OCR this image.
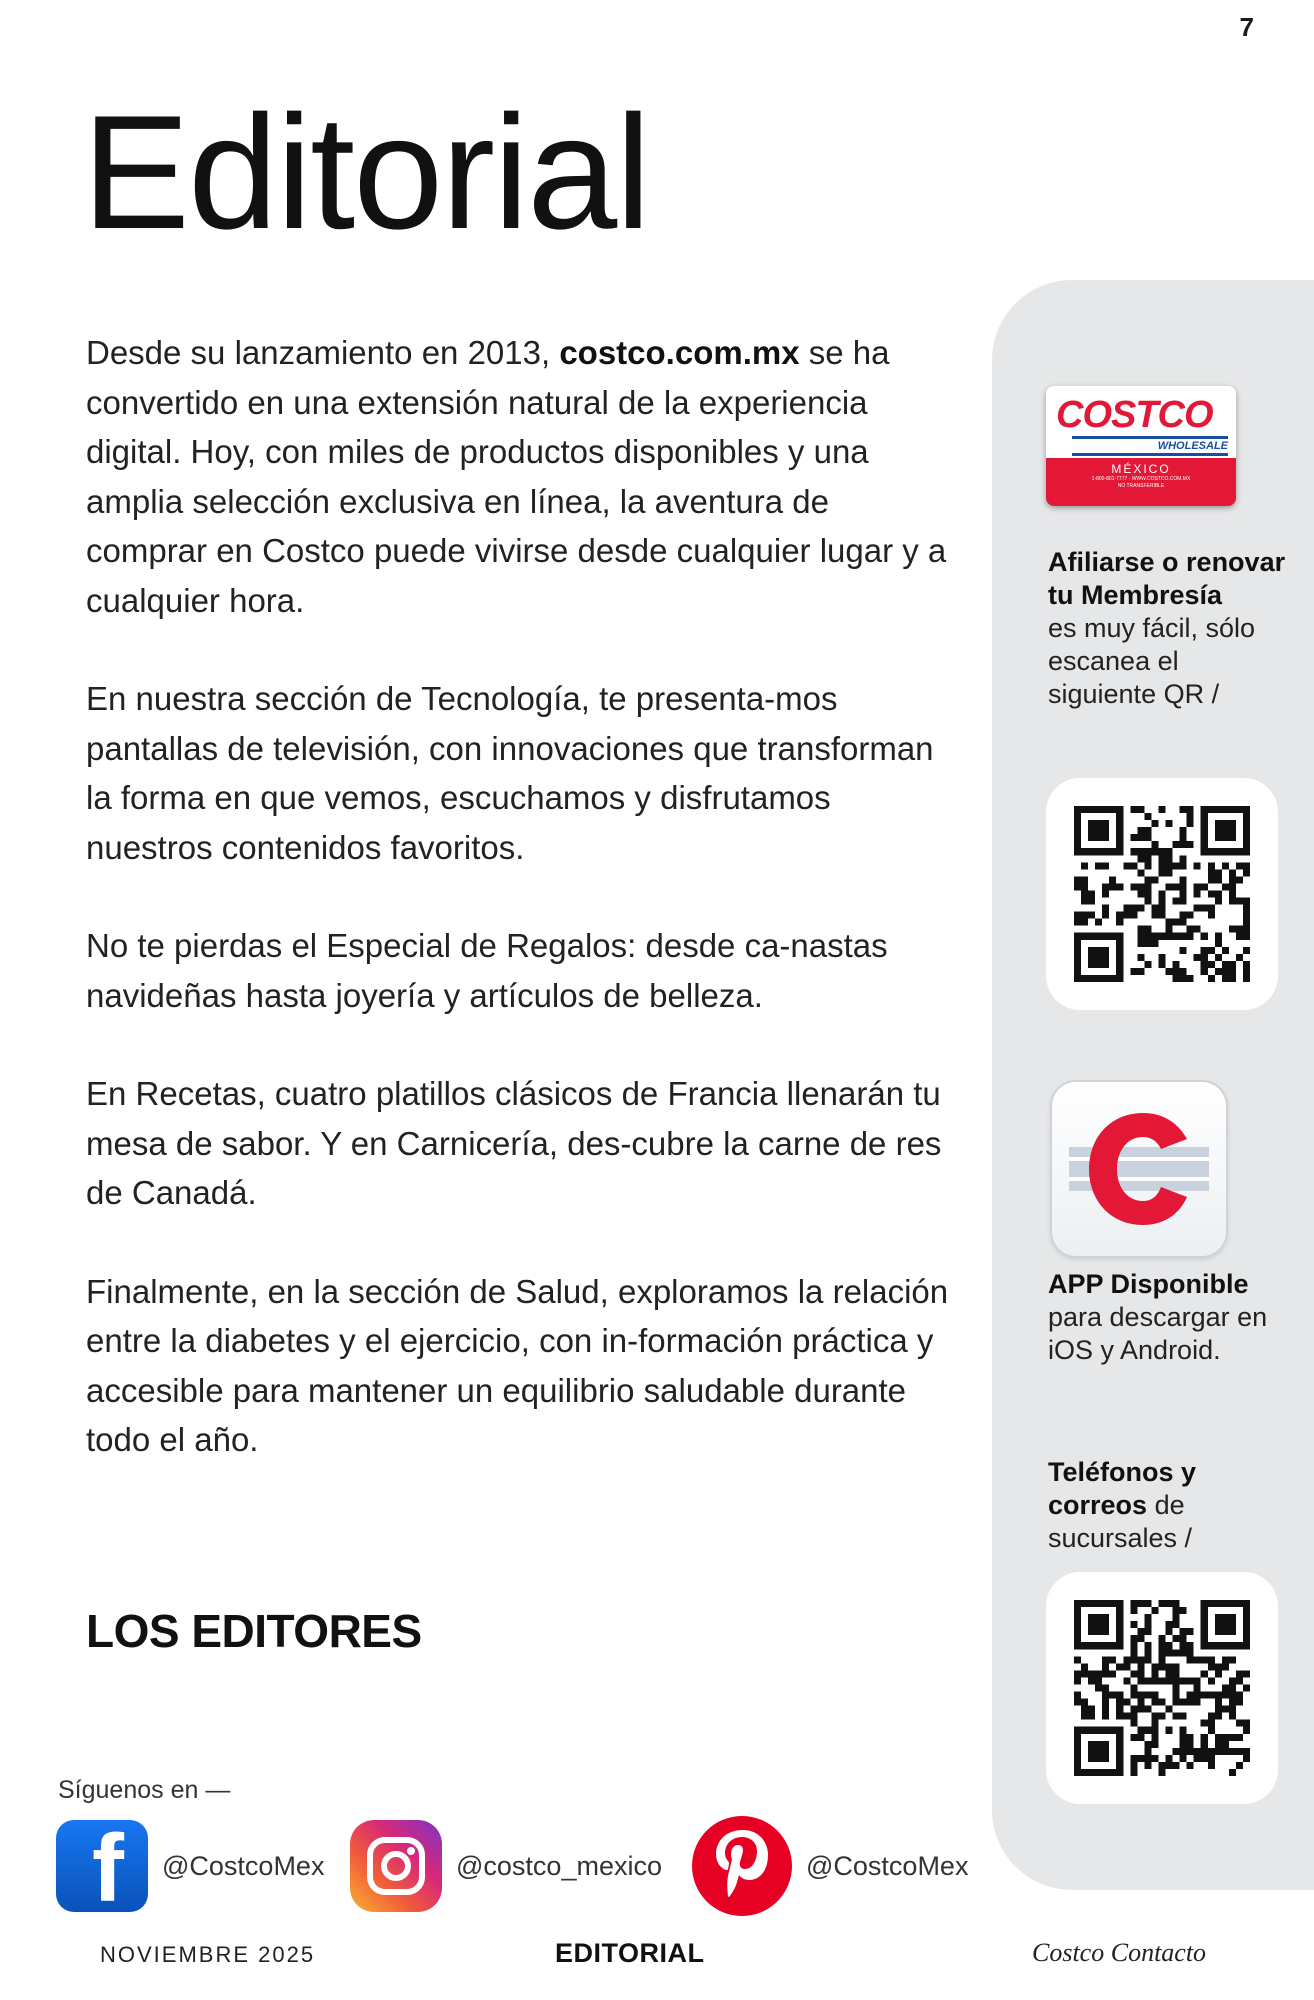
7
Editorial

Desde su lanzamiento en 2013, costco.com.mx se ha convertido en una extensión natural de la experiencia digital. Hoy, con miles de productos disponibles y una amplia selección exclusiva en línea, la aventura de comprar en Costco puede vivirse desde cualquier lugar y a cualquier hora.

En nuestra sección de Tecnología, te presenta-mos pantallas de televisión, con innovaciones que transforman la forma en que vemos, escuchamos y disfrutamos nuestros contenidos favoritos.

No te pierdas el Especial de Regalos: desde ca-nastas navideñas hasta joyería y artículos de belleza.

En Recetas, cuatro platillos clásicos de Francia llenarán tu mesa de sabor. Y en Carnicería, des-cubre la carne de res de Canadá.

Finalmente, en la sección de Salud, exploramos la relación entre la diabetes y el ejercicio, con in-formación práctica y accesible para mantener un equilibrio saludable durante todo el año.

LOS EDITORES
Síguenos en —
f @CostcoMex	@costco_mexico	@CostcoMex
NOVIEMBRE 2025	EDITORIAL	Costco Contacto
COSTCO
WHOLESALE
MÉXICO
1-800-801-7777 · WWW.COSTCO.COM.MX
NO TRANSFERIBLE
Afiliarse o renovar tu Membresía
es muy fácil, sólo escanea el siguiente QR /
APP Disponible
para descargar en iOS y Android.
Teléfonos y
correos de
sucursales /
